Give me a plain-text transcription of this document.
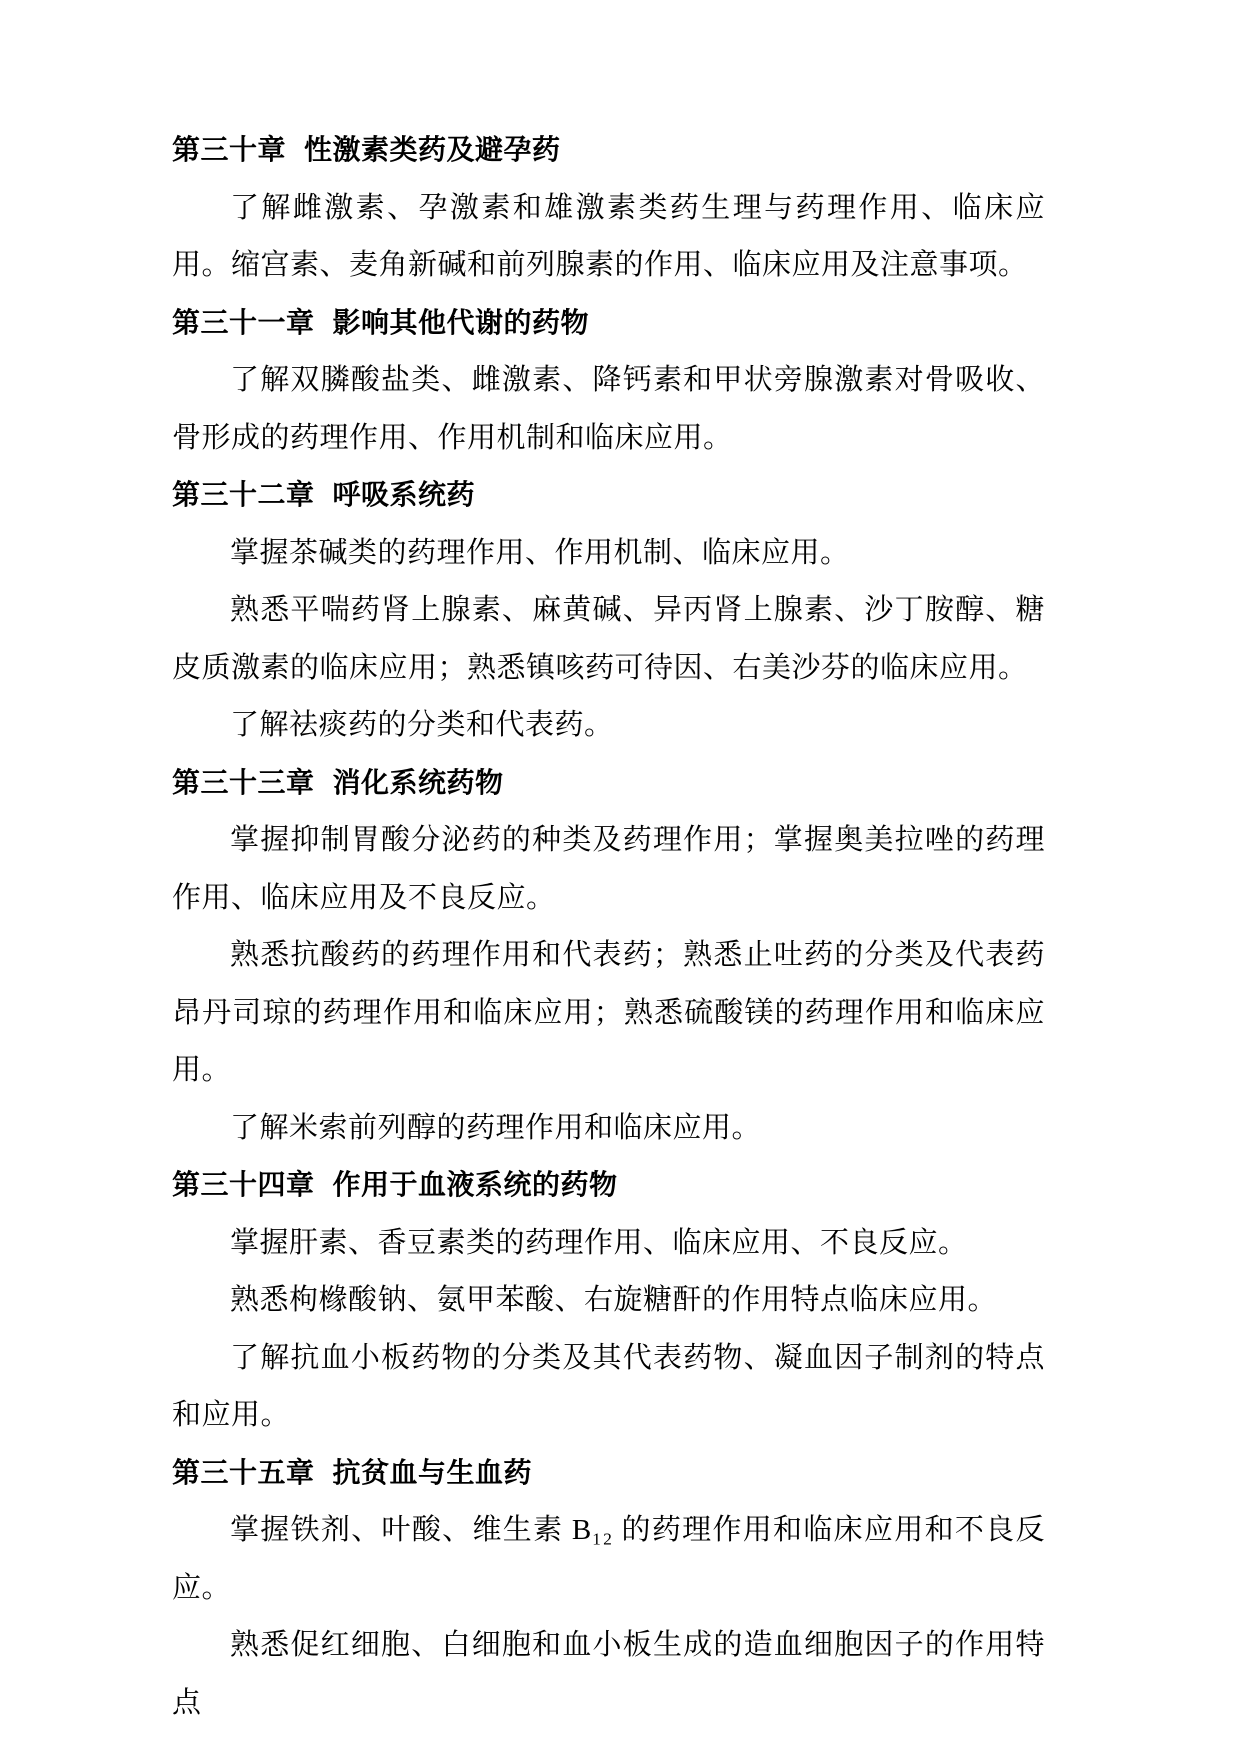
第三十章 性激素类药及避孕药

了解雌激素、孕激素和雄激素类药生理与药理作用、临床应用。缩宫素、麦角新碱和前列腺素的作用、临床应用及注意事项。

第三十一章 影响其他代谢的药物

了解双膦酸盐类、雌激素、降钙素和甲状旁腺激素对骨吸收、骨形成的药理作用、作用机制和临床应用。

第三十二章 呼吸系统药

掌握茶碱类的药理作用、作用机制、临床应用。

熟悉平喘药肾上腺素、麻黄碱、异丙肾上腺素、沙丁胺醇、糖皮质激素的临床应用；熟悉镇咳药可待因、右美沙芬的临床应用。

了解祛痰药的分类和代表药。

第三十三章 消化系统药物

掌握抑制胃酸分泌药的种类及药理作用；掌握奥美拉唑的药理作用、临床应用及不良反应。

熟悉抗酸药的药理作用和代表药；熟悉止吐药的分类及代表药昂丹司琼的药理作用和临床应用；熟悉硫酸镁的药理作用和临床应用。

了解米索前列醇的药理作用和临床应用。

第三十四章 作用于血液系统的药物

掌握肝素、香豆素类的药理作用、临床应用、不良反应。

熟悉枸橼酸钠、氨甲苯酸、右旋糖酐的作用特点临床应用。

了解抗血小板药物的分类及其代表药物、凝血因子制剂的特点和应用。

第三十五章 抗贫血与生血药

掌握铁剂、叶酸、维生素 B₁₂ 的药理作用和临床应用和不良反应。

熟悉促红细胞、白细胞和血小板生成的造血细胞因子的作用特点
